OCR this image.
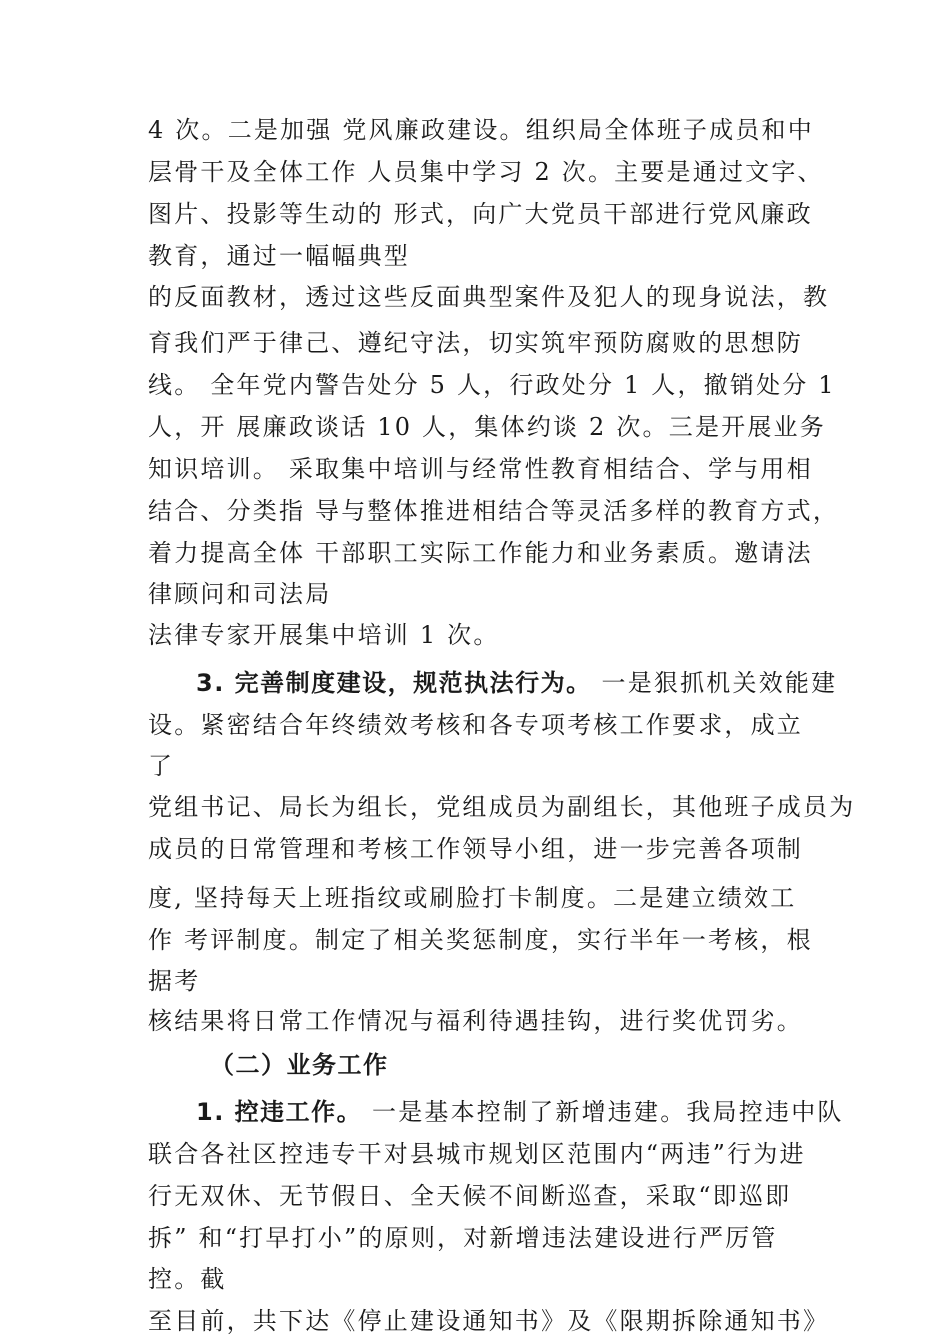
4 次。二是加强 党风廉政建设。组织局全体班子成员和中

层骨干及全体工作 人员集中学习 2 次。主要是通过文字、

图片、投影等生动的 形式，向广大党员干部进行党风廉政

教育，通过一幅幅典型

的反面教材，透过这些反面典型案件及犯人的现身说法，教

育我们严于律己、遵纪守法，切实筑牢预防腐败的思想防

线。 全年党内警告处分 5 人，行政处分 1 人，撤销处分 1

人，开 展廉政谈话 10 人，集体约谈 2 次。三是开展业务

知识培训。 采取集中培训与经常性教育相结合、学与用相

结合、分类指 导与整体推进相结合等灵活多样的教育方式，

着力提高全体 干部职工实际工作能力和业务素质。邀请法

律顾问和司法局

法律专家开展集中培训 1 次。

3. 完善制度建设，规范执法行为。 一是狠抓机关效能建

设。紧密结合年终绩效考核和各专项考核工作要求，成立

了

党组书记、局长为组长，党组成员为副组长，其他班子成员为

成员的日常管理和考核工作领导小组，进一步完善各项制

度, 坚持每天上班指纹或刷脸打卡制度。二是建立绩效工

作 考评制度。制定了相关奖惩制度，实行半年一考核，根

据考

核结果将日常工作情况与福利待遇挂钩，进行奖优罚劣。

（二）业务工作

1. 控违工作。 一是基本控制了新增违建。我局控违中队

联合各社区控违专干对县城市规划区范围内“两违”行为进

行无双休、无节假日、全天候不间断巡查，采取“即巡即

拆” 和“打早打小”的原则，对新增违法建设进行严厉管

控。截

至目前，共下达《停止建设通知书》及《限期拆除通知书》
